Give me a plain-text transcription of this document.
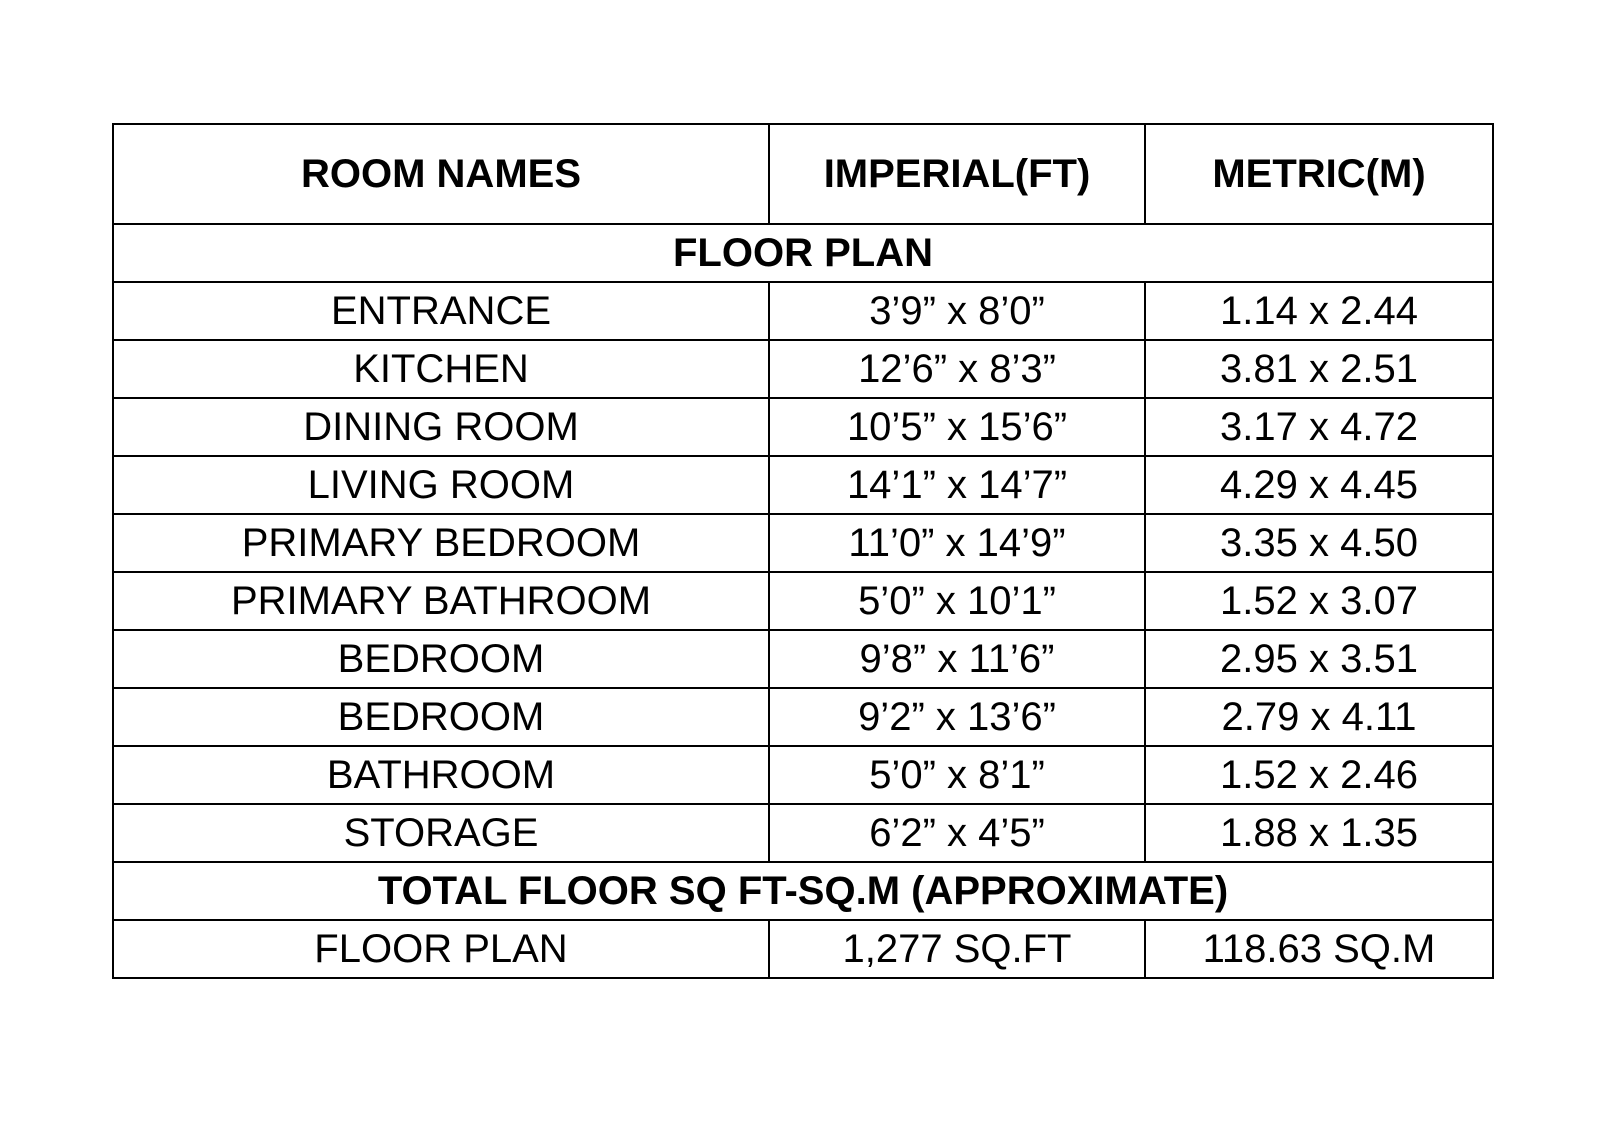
ROOM NAMES	IMPERIAL(FT)	METRIC(M)
FLOOR PLAN		
ENTRANCE	3’9” x 8’0”	1.14 x 2.44
KITCHEN	12’6” x 8’3”	3.81 x 2.51
DINING ROOM	10’5” x 15’6”	3.17 x 4.72
LIVING ROOM	14’1” x 14’7”	4.29 x 4.45
PRIMARY BEDROOM	11’0” x 14’9”	3.35 x 4.50
PRIMARY BATHROOM	5’0” x 10’1”	1.52 x 3.07
BEDROOM	9’8” x 11’6”	2.95 x 3.51
BEDROOM	9’2” x 13’6”	2.79 x 4.11
BATHROOM	5’0” x 8’1”	1.52 x 2.46
STORAGE	6’2” x 4’5”	1.88 x 1.35
TOTAL FLOOR SQ FT-SQ.M (APPROXIMATE)		
FLOOR PLAN	1,277 SQ.FT	118.63 SQ.M
